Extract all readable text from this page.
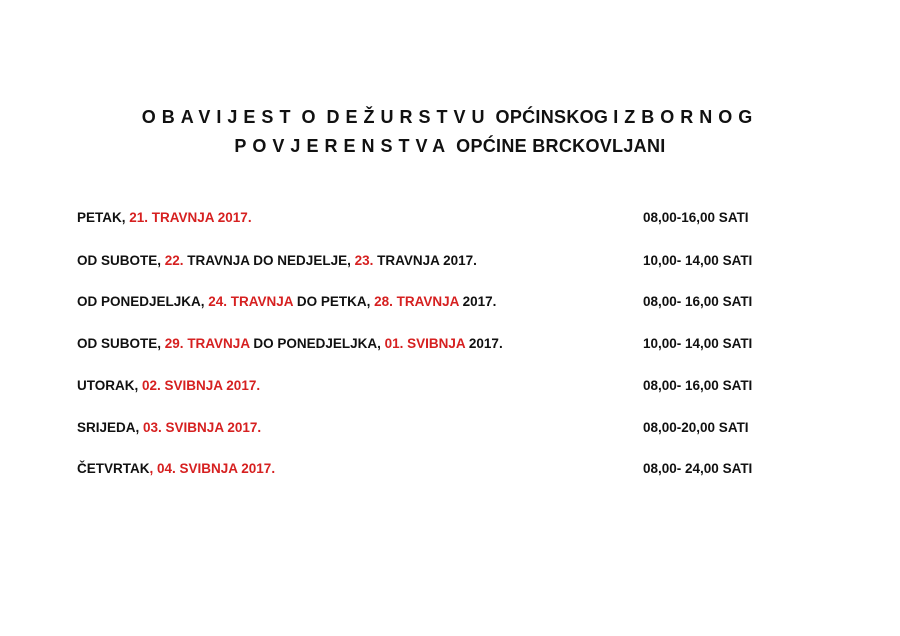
OBAVIJEST O DEŽURSTVU OPĆINSKOG IZBORNOG
POVJERENSTVA OPĆINE BRCKOVLJANI
PETAK, 21. TRAVNJA 2017.	08,00-16,00 SATI
OD SUBOTE, 22. TRAVNJA DO NEDJELJE, 23. TRAVNJA 2017.	10,00- 14,00 SATI
OD PONEDJELJKA, 24. TRAVNJA DO PETKA, 28. TRAVNJA 2017.	08,00- 16,00 SATI
OD SUBOTE, 29. TRAVNJA DO PONEDJELJKA, 01. SVIBNJA 2017.	10,00- 14,00 SATI
UTORAK, 02. SVIBNJA 2017.	08,00- 16,00 SATI
SRIJEDA, 03. SVIBNJA 2017.	08,00-20,00 SATI
ČETVRTAK, 04. SVIBNJA 2017.	08,00- 24,00 SATI
